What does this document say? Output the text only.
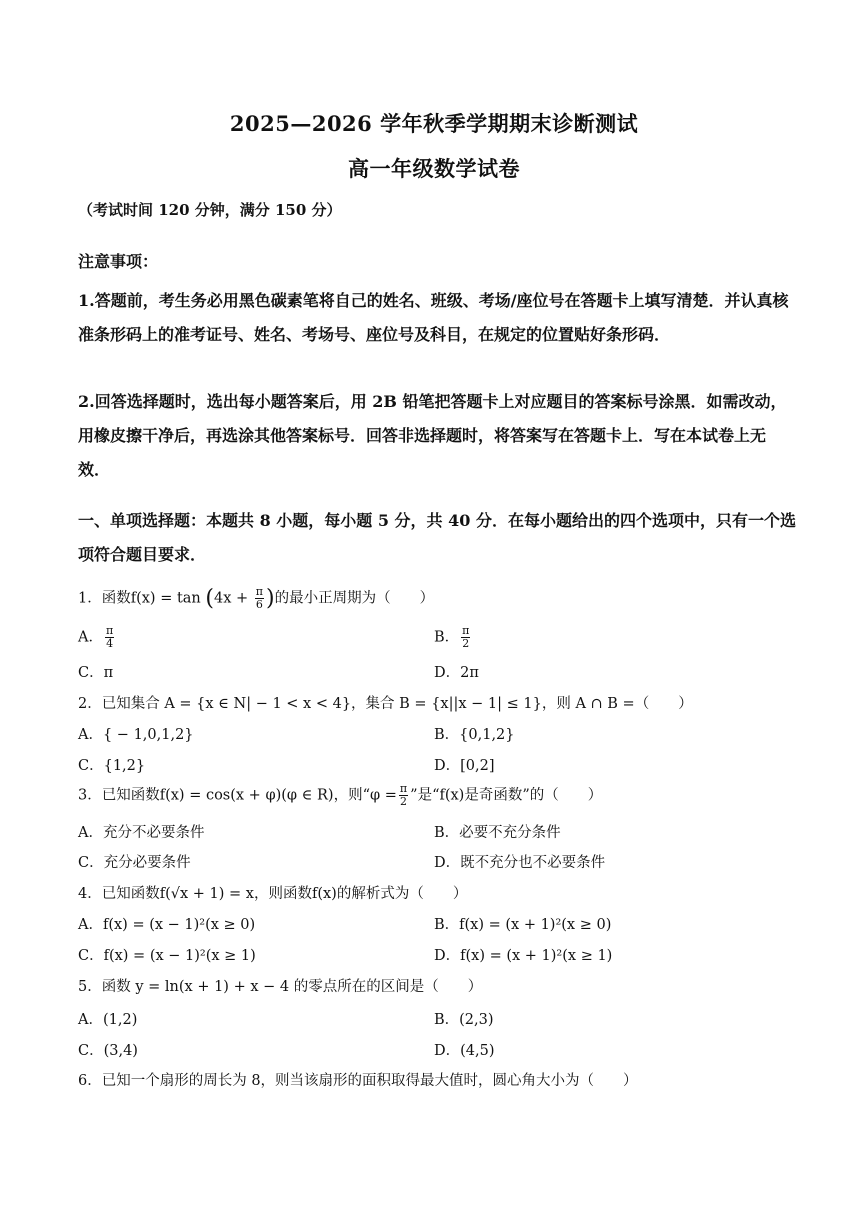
2025—2026 学年秋季学期期末诊断测试
高一年级数学试卷
（考试时间 120 分钟，满分 150 分）
注意事项：
1.答题前，考生务必用黑色碳素笔将自己的姓名、班级、考场/座位号在答题卡上填写清楚．并认真核准条形码上的准考证号、姓名、考场号、座位号及科目，在规定的位置贴好条形码．
2.回答选择题时，选出每小题答案后，用 2B 铅笔把答题卡上对应题目的答案标号涂黑．如需改动，用橡皮擦干净后，再选涂其他答案标号．回答非选择题时，将答案写在答题卡上．写在本试卷上无效．
一、单项选择题：本题共 8 小题，每小题 5 分，共 40 分．在每小题给出的四个选项中，只有一个选项符合题目要求．
1．函数$f(x) = \tan (4x + \frac{\pi}{6}$ )的最小正周期为（　　）
A． $\frac{\pi}{4}$	B． $\frac{\pi}{2}$
C．π	D．2π
2．已知集合 A = {x ∈ N| − 1 < x < 4}，集合 B = {x||x − 1| ≤ 1}，则 A ∩ B =（　　）
A．{ − 1,0,1,2}	B．{0,1,2}
C．{1,2}	D．[0,2]
3．已知函数f(x) = cos(x + φ)(φ ∈ R)，则“$\varphi = \frac{\pi}{2}$ ”是“f(x)是奇函数”的（　　）
A．充分不必要条件	B．必要不充分条件
C．充分必要条件	D．既不充分也不必要条件
4．已知函数f(√x + 1) = x，则函数f(x)的解析式为（　　）
A．f(x) = (x − 1)²(x ≥ 0)	B．f(x) = (x + 1)²(x ≥ 0)
C．f(x) = (x − 1)²(x ≥ 1)	D．f(x) = (x + 1)²(x ≥ 1)
5．函数 y = ln(x + 1) + x − 4 的零点所在的区间是（　　）
A．(1,2)	B．(2,3)
C．(3,4)	D．(4,5)
6．已知一个扇形的周长为 8，则当该扇形的面积取得最大值时，圆心角大小为（　　）
